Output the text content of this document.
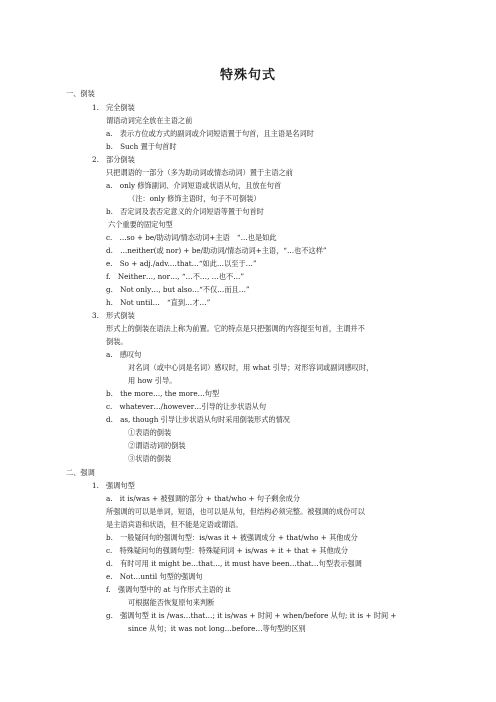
特殊句式
一、倒装
1.　完全倒装
谓语动词完全放在主语之前
a.　表示方位或方式的副词或介词短语置于句首，且主语是名词时
b.　Such 置于句首时
2.　部分倒装
只把谓语的一部分（多为助动词或情态动词）置于主语之前
a.　only 修饰副词、介词短语或状语从句，且放在句首
（注：only 修饰主语时，句子不可倒装）
b.　否定词及表否定意义的介词短语等置于句首时
六个重要的固定句型
c.　…so + be/助动词/情态动词+主语　“…也是如此
d.　…neither(或 nor) + be/助动词/情态动词+主语，“…也不这样”
e.　So + adj./adv.…that…“如此…以至于…”
f.　Neither…, nor…, “…不…, …也不…”
g.　Not only…, but also…“不仅…而且…”
h.　Not until…　“直到…才…”
3.　形式倒装
形式上的倒装在语法上称为前置。它的特点是只把强调的内容提至句首，主谓并不
倒装。
a.　感叹句
对名词（或中心词是名词）感叹时，用 what 引导；对形容词或副词感叹时，
用 how 引导。
b.　the more…, the more…句型
c.　whatever…/however…引导的让步状语从句
d.　as, though 引导让步状语从句时采用倒装形式的情况
①表语的倒装
②谓语动词的倒装
③状语的倒装
二、强调
1.　强调句型
a.　it is/was + 被强调的部分 + that/who + 句子剩余成分
所强调的可以是单词，短语，也可以是从句，但结构必须完整。被强调的成份可以
是主语宾语和状语，但不能是定语或谓语。
b.　一般疑问句的强调句型：is/was it + 被强调成分 + that/who + 其他成分
c.　特殊疑问句的强调句型：特殊疑问词 + is/was + it + that + 其他成分
d.　有时可用 it might be…that…, it must have been…that…句型表示强调
e.　Not…until 句型的强调句
f.　强调句型中的 at 与作形式主语的 it
可根据能否恢复原句来判断
g.　强调句型 it is /was…that…; it is/was + 时间 + when/before 从句; it is + 时间 +
since 从句；it was not long…before…等句型的区别
